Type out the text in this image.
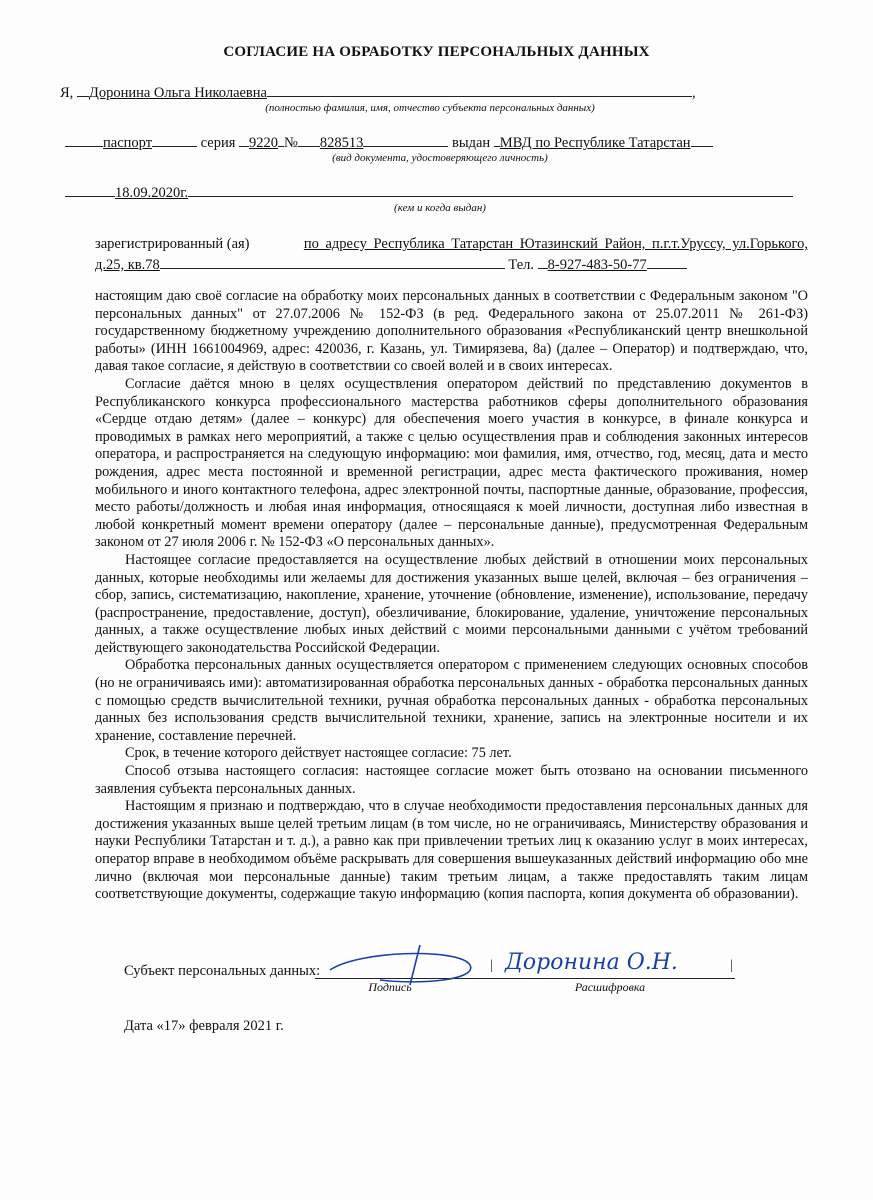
СОГЛАСИЕ НА ОБРАБОТКУ ПЕРСОНАЛЬНЫХ ДАННЫХ
Я, Доронина Ольга Николаевна	,
(полностью фамилия, имя, отчество субъекта персональных данных)
паспорт	серия 9220 № 828513	выдан МВД по Республике Татарстан
(вид документа, удостоверяющего личность)
18.09.2020г.
(кем и когда выдан)
зарегистрированный (ая)	по адресу Республика Татарстан Ютазинский Район, п.г.т.Уруссу, ул.Горького,
д.25, кв.78	Тел. 8-927-483-50-77

настоящим даю своё согласие на обработку моих персональных данных в соответствии с Федеральным законом "О персональных данных" от 27.07.2006 № 152-ФЗ (в ред. Федерального закона от 25.07.2011 № 261-ФЗ) государственному бюджетному учреждению дополнительного образования «Республиканский центр внешкольной работы» (ИНН 1661004969, адрес: 420036, г. Казань, ул. Тимирязева, 8а) (далее – Оператор) и подтверждаю, что, давая такое согласие, я действую в соответствии со своей волей и в своих интересах.

Согласие даётся мною в целях осуществления оператором действий по представлению документов в Республиканского конкурса профессионального мастерства работников сферы дополнительного образования «Сердце отдаю детям» (далее – конкурс) для обеспечения моего участия в конкурсе, в финале конкурса и проводимых в рамках него мероприятий, а также с целью осуществления прав и соблюдения законных интересов оператора, и распространяется на следующую информацию: мои фамилия, имя, отчество, год, месяц, дата и место рождения, адрес места постоянной и временной регистрации, адрес места фактического проживания, номер мобильного и иного контактного телефона, адрес электронной почты, паспортные данные, образование, профессия, место работы/должность и любая иная информация, относящаяся к моей личности, доступная либо известная в любой конкретный момент времени оператору (далее – персональные данные), предусмотренная Федеральным законом от 27 июля 2006 г. № 152-ФЗ «О персональных данных».

Настоящее согласие предоставляется на осуществление любых действий в отношении моих персональных данных, которые необходимы или желаемы для достижения указанных выше целей, включая – без ограничения – сбор, запись, систематизацию, накопление, хранение, уточнение (обновление, изменение), использование, передачу (распространение, предоставление, доступ), обезличивание, блокирование, удаление, уничтожение персональных данных, а также осуществление любых иных действий с моими персональными данными с учётом требований действующего законодательства Российской Федерации.

Обработка персональных данных осуществляется оператором с применением следующих основных способов (но не ограничиваясь ими): автоматизированная обработка персональных данных - обработка персональных данных с помощью средств вычислительной техники, ручная обработка персональных данных - обработка персональных данных без использования средств вычислительной техники, хранение, запись на электронные носители и их хранение, составление перечней.

Срок, в течение которого действует настоящее согласие: 75 лет.

Способ отзыва настоящего согласия: настоящее согласие может быть отозвано на основании письменного заявления субъекта персональных данных.

Настоящим я признаю и подтверждаю, что в случае необходимости предоставления персональных данных для достижения указанных выше целей третьим лицам (в том числе, но не ограничиваясь, Министерству образования и науки Республики Татарстан и т. д.), а равно как при привлечении третьих лиц к оказанию услуг в моих интересах, оператор вправе в необходимом объёме раскрывать для совершения вышеуказанных действий информацию обо мне лично (включая мои персональные данные) таким третьим лицам, а также предоставлять таким лицам соответствующие документы, содержащие такую информацию (копия паспорта, копия документа об образовании).

Субъект персональных данных:	| Доронина О.Н.	|
Подпись	Расшифровка
Дата «17» февраля 2021 г.
